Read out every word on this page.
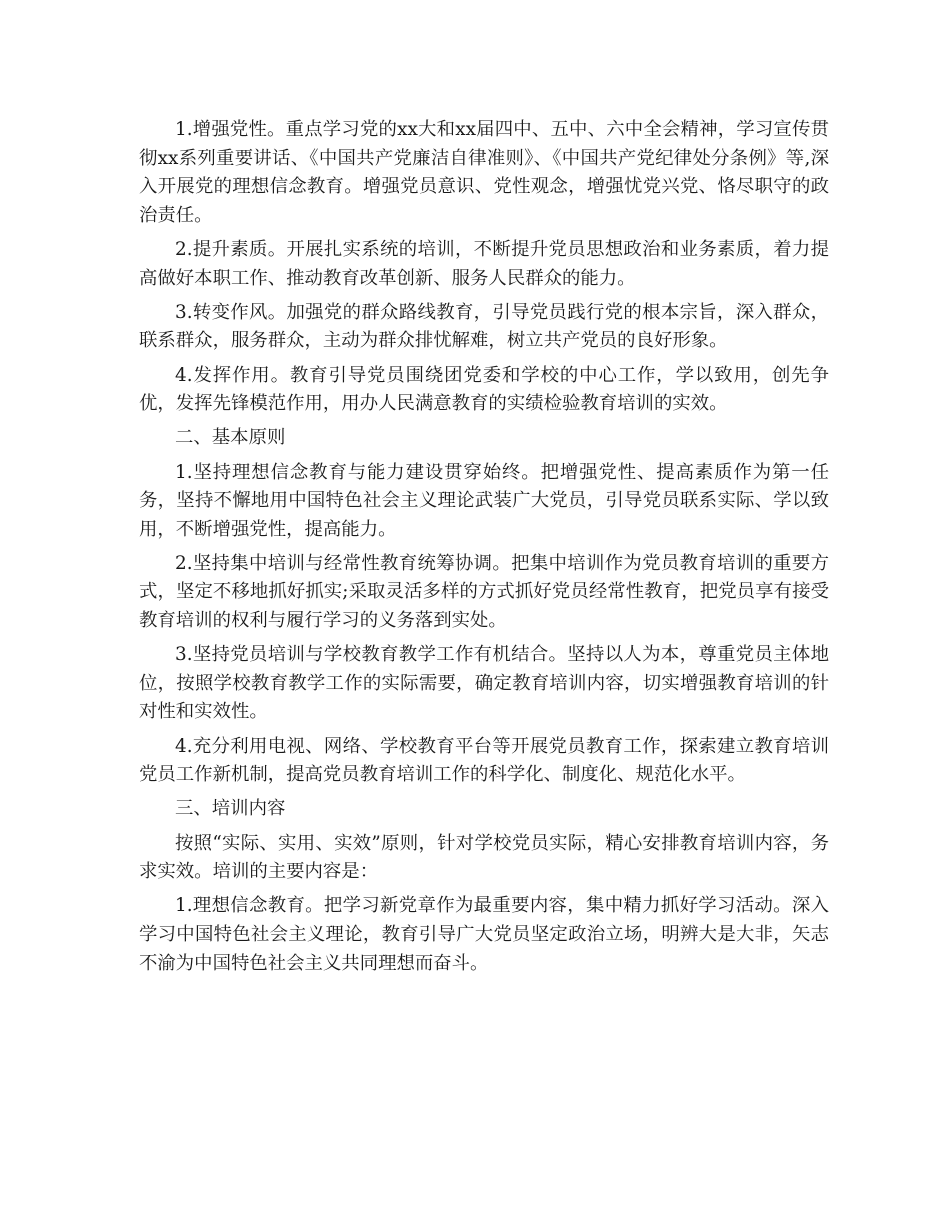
1.增强党性。重点学习党的xx大和xx届四中、五中、六中全会精神，学习宣传贯彻xx系列重要讲话、《中国共产党廉洁自律准则》、《中国共产党纪律处分条例》等,深入开展党的理想信念教育。增强党员意识、党性观念，增强忧党兴党、恪尽职守的政治责任。

2.提升素质。开展扎实系统的培训，不断提升党员思想政治和业务素质，着力提高做好本职工作、推动教育改革创新、服务人民群众的能力。

3.转变作风。加强党的群众路线教育，引导党员践行党的根本宗旨，深入群众，联系群众，服务群众，主动为群众排忧解难，树立共产党员的良好形象。

4.发挥作用。教育引导党员围绕团党委和学校的中心工作，学以致用，创先争优，发挥先锋模范作用，用办人民满意教育的实绩检验教育培训的实效。

二、基本原则

1.坚持理想信念教育与能力建设贯穿始终。把增强党性、提高素质作为第一任务，坚持不懈地用中国特色社会主义理论武装广大党员，引导党员联系实际、学以致用，不断增强党性，提高能力。

2.坚持集中培训与经常性教育统筹协调。把集中培训作为党员教育培训的重要方式，坚定不移地抓好抓实;采取灵活多样的方式抓好党员经常性教育，把党员享有接受教育培训的权利与履行学习的义务落到实处。

3.坚持党员培训与学校教育教学工作有机结合。坚持以人为本，尊重党员主体地位，按照学校教育教学工作的实际需要，确定教育培训内容，切实增强教育培训的针对性和实效性。

4.充分利用电视、网络、学校教育平台等开展党员教育工作，探索建立教育培训党员工作新机制，提高党员教育培训工作的科学化、制度化、规范化水平。

三、培训内容

按照“实际、实用、实效”原则，针对学校党员实际，精心安排教育培训内容，务求实效。培训的主要内容是：

1.理想信念教育。把学习新党章作为最重要内容，集中精力抓好学习活动。深入学习中国特色社会主义理论，教育引导广大党员坚定政治立场，明辨大是大非，矢志不渝为中国特色社会主义共同理想而奋斗。
